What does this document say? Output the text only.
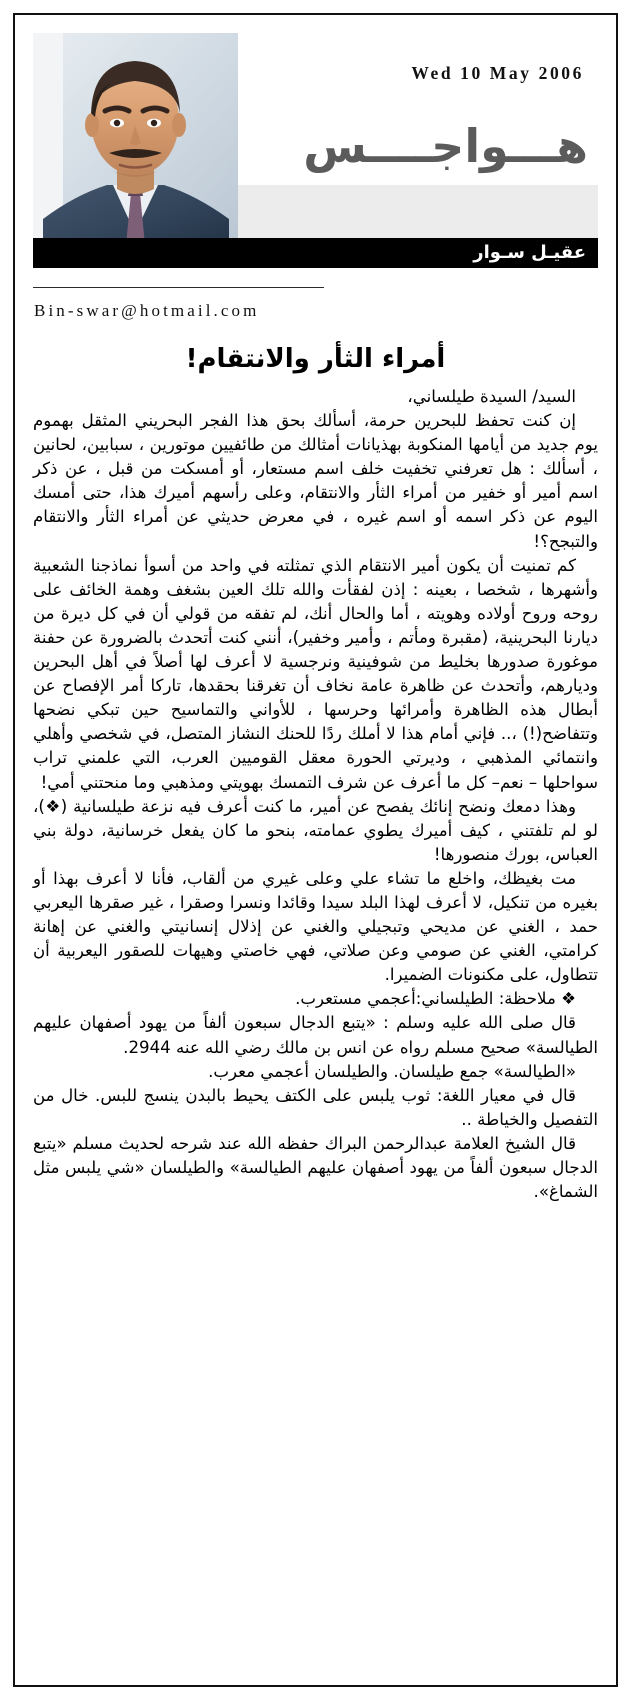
Wed 10 May 2006
هـــواجــــس
عقيـل سـوار
Bin-swar@hotmail.com
أمراء الثأر والانتقام!

السيد/ السيدة طيلساني،

إن كنت تحفظ للبحرين حرمة، أسألك بحق هذا الفجر البحريني المثقل بهموم يوم جديد من أيامها المنكوبة بهذيانات أمثالك من طائفيين موتورين ، سبابين، لحانين ، أسألك : هل تعرفني تخفيت خلف اسم مستعار، أو أمسكت من قبل ، عن ذكر اسم أمير أو خفير من أمراء الثأر والانتقام، وعلى رأسهم أميرك هذا، حتى أمسك اليوم عن ذكر اسمه أو اسم غيره ، في معرض حديثي عن أمراء الثأر والانتقام والتبجح؟!

كم تمنيت أن يكون أمير الانتقام الذي تمثلته في واحد من أسوأ نماذجنا الشعبية وأشهرها ، شخصا ، بعينه : إذن لفقأت والله تلك العين بشغف وهمة الخائف على روحه وروح أولاده وهويته ، أما والحال أنك، لم تفقه من قولي أن في كل ديرة من ديارنا البحرينية، (مقبرة ومأتم ، وأمير وخفير)، أنني كنت أتحدث بالضرورة عن حفنة موغورة صدورها بخليط من شوفينية ونرجسية لا أعرف لها أصلاً في أهل البحرين وديارهم، وأتحدث عن ظاهرة عامة نخاف أن تغرقنا بحقدها، تاركا أمر الإفصاح عن أبطال هذه الظاهرة وأمرائها وحرسها ، للأواني والتماسيح حين تبكي نضحها وتتفاضح(!) ،.. فإني أمام هذا لا أملك ردًا للحنك النشاز المتصل، في شخصي وأهلي وانتمائي المذهبي ، وديرتي الحورة معقل القوميين العرب، التي علمني تراب سواحلها – نعم– كل ما أعرف عن شرف التمسك بهويتي ومذهبي وما منحتني أمي!

وهذا دمعك ونضح إنائك يفصح عن أمير، ما كنت أعرف فيه نزعة طيلسانية (❖)، لو لم تلفتني ، كيف أميرك يطوي عمامته، بنحو ما كان يفعل خرسانية، دولة بني العباس، بورك منصورها!

مت بغيظك، واخلع ما تشاء علي وعلى غيري من ألقاب، فأنا لا أعرف بهذا أو بغيره من تنكيل، لا أعرف لهذا البلد سيدا وقائدا ونسرا وصقرا ، غير صقرها اليعربي حمد ، الغني عن مديحي وتبجيلي والغني عن إذلال إنسانيتي والغني عن إهانة كرامتي، الغني عن صومي وعن صلاتي، فهي خاصتي وهيهات للصقور اليعربية أن تتطاول، على مكنونات الضميرا.

❖ ملاحظة: الطيلساني:أعجمي مستعرب.

قال صلى الله عليه وسلم : «يتبع الدجال سبعون ألفاً من يهود أصفهان عليهم الطيالسة» صحيح مسلم رواه عن انس بن مالك رضي الله عنه 2944.

«الطيالسة» جمع طيلسان. والطيلسان أعجمي معرب.

قال في معيار اللغة: ثوب يلبس على الكتف يحيط بالبدن ينسج للبس. خال من التفصيل والخياطة ..

قال الشيخ العلامة عبدالرحمن البراك حفظه الله عند شرحه لحديث مسلم «يتبع الدجال سبعون ألفاً من يهود أصفهان عليهم الطيالسة» والطيلسان «شي يلبس مثل الشماغ».
